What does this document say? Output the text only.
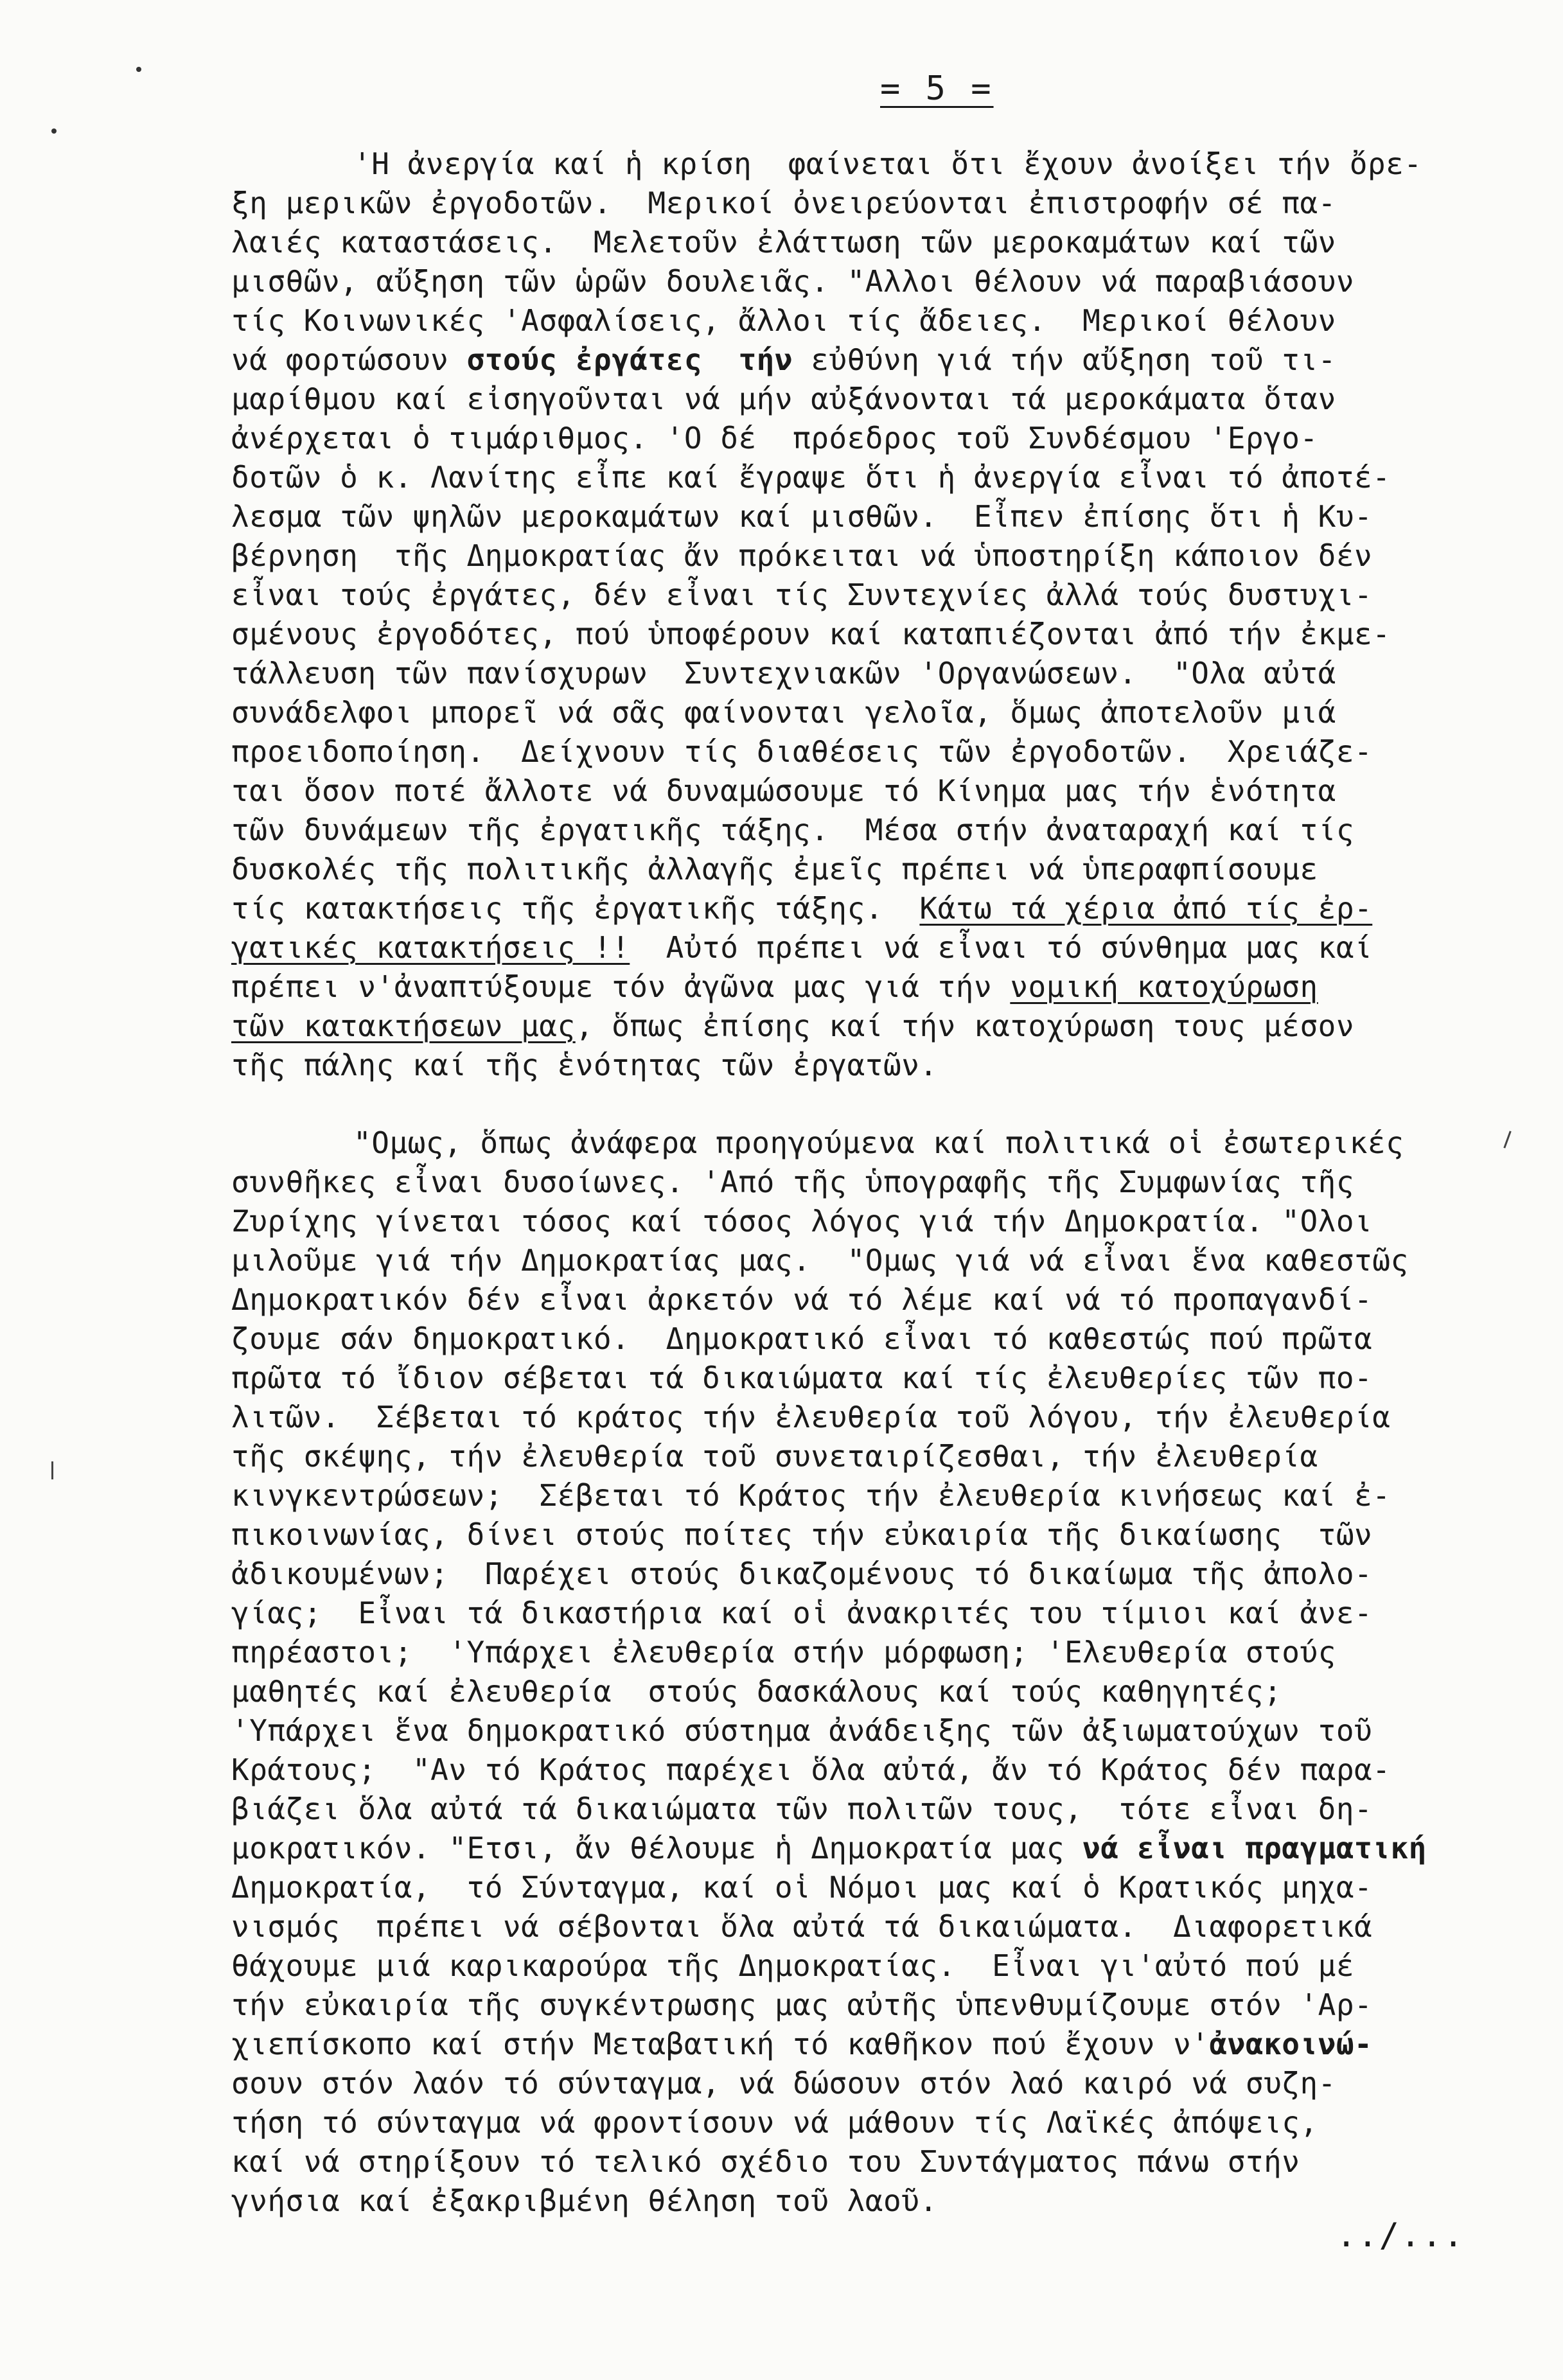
= 5 =
'Η ἀνεργία καί ἡ κρίση  φαίνεται ὅτι ἔχουν ἀνοίξει τήν ὄρε-
ξη μερικῶν ἐργοδοτῶν.  Μερικοί ὀνειρεύονται ἐπιστροφήν σέ πα-
λαιές καταστάσεις.  Μελετοῦν ἐλάττωση τῶν μεροκαμάτων καί τῶν
μισθῶν, αὔξηση τῶν ὡρῶν δουλειᾶς. "Αλλοι θέλουν νά παραβιάσουν
τίς Κοινωνικές 'Ασφαλίσεις, ἄλλοι τίς ἄδειες.  Μερικοί θέλουν
νά φορτώσουν στούς ἐργάτες τήν εὐθύνη γιά τήν αὔξηση τοῦ τι-
μαρίθμου καί εἰσηγοῦνται νά μήν αὐξάνονται τά μεροκάματα ὅταν
ἀνέρχεται ὁ τιμάριθμος. 'Ο δέ  πρόεδρος τοῦ Συνδέσμου 'Εργο-
δοτῶν ὁ κ. Λανίτης εἶπε καί ἔγραψε ὅτι ἡ ἀνεργία εἶναι τό ἀποτέ-
λεσμα τῶν ψηλῶν μεροκαμάτων καί μισθῶν.  Εἶπεν ἐπίσης ὅτι ἡ Κυ-
βέρνηση  τῆς Δημοκρατίας ἄν πρόκειται νά ὑποστηρίξη κάποιον δέν
εἶναι τούς ἐργάτες, δέν εἶναι τίς Συντεχνίες ἀλλά τούς δυστυχι-
σμένους ἐργοδότες, πού ὑποφέρουν καί καταπιέζονται ἀπό τήν ἐκμε-
τάλλευση τῶν πανίσχυρων  Συντεχνιακῶν 'Οργανώσεων.  "Ολα αὐτά
συνάδελφοι μπορεῖ νά σᾶς φαίνονται γελοῖα, ὅμως ἀποτελοῦν μιά
προειδοποίηση.  Δείχνουν τίς διαθέσεις τῶν ἐργοδοτῶν.  Χρειάζε-
ται ὅσον ποτέ ἄλλοτε νά δυναμώσουμε τό Κίνημα μας τήν ἑνότητα
τῶν δυνάμεων τῆς ἐργατικῆς τάξης.  Μέσα στήν ἀναταραχή καί τίς
δυσκολές τῆς πολιτικῆς ἀλλαγῆς ἐμεῖς πρέπει νά ὑπεραφπίσουμε
τίς κατακτήσεις τῆς ἐργατικῆς τάξης.  Κάτω τά χέρια ἀπό τίς ἐρ-
γατικές κατακτήσεις !!  Αὐτό πρέπει νά εἶναι τό σύνθημα μας καί
πρέπει ν'ἀναπτύξουμε τόν ἀγῶνα μας γιά τήν νομική κατοχύρωση
τῶν κατακτήσεων μας, ὅπως ἐπίσης καί τήν κατοχύρωση τους μέσον
τῆς πάλης καί τῆς ἑνότητας τῶν ἐργατῶν.
"Ομως, ὅπως ἀνάφερα προηγούμενα καί πολιτικά οἱ ἐσωτερικές
συνθῆκες εἶναι δυσοίωνες. 'Από τῆς ὑπογραφῆς τῆς Συμφωνίας τῆς
Ζυρίχης γίνεται τόσος καί τόσος λόγος γιά τήν Δημοκρατία. "Ολοι
μιλοῦμε γιά τήν Δημοκρατίας μας.  "Ομως γιά νά εἶναι ἕνα καθεστῶς
Δημοκρατικόν δέν εἶναι ἀρκετόν νά τό λέμε καί νά τό προπαγανδί-
ζουμε σάν δημοκρατικό.  Δημοκρατικό εἶναι τό καθεστώς πού πρῶτα
πρῶτα τό ἴδιον σέβεται τά δικαιώματα καί τίς ἐλευθερίες τῶν πο-
λιτῶν.  Σέβεται τό κράτος τήν ἐλευθερία τοῦ λόγου, τήν ἐλευθερία
τῆς σκέψης, τήν ἐλευθερία τοῦ συνεταιρίζεσθαι, τήν ἐλευθερία
κινγκεντρώσεων;  Σέβεται τό Κράτος τήν ἐλευθερία κινήσεως καί ἐ-
πικοινωνίας, δίνει στούς ποίτες τήν εὐκαιρία τῆς δικαίωσης  τῶν
ἀδικουμένων;  Παρέχει στούς δικαζομένους τό δικαίωμα τῆς ἀπολο-
γίας;  Εἶναι τά δικαστήρια καί οἱ ἀνακριτές του τίμιοι καί ἀνε-
πηρέαστοι;  'Υπάρχει ἐλευθερία στήν μόρφωση; 'Ελευθερία στούς
μαθητές καί ἐλευθερία  στούς δασκάλους καί τούς καθηγητές;
'Υπάρχει ἕνα δημοκρατικό σύστημα ἀνάδειξης τῶν ἀξιωματούχων τοῦ
Κράτους;  "Αν τό Κράτος παρέχει ὅλα αὐτά, ἄν τό Κράτος δέν παρα-
βιάζει ὅλα αὐτά τά δικαιώματα τῶν πολιτῶν τους,  τότε εἶναι δη-
μοκρατικόν. "Ετσι, ἄν θέλουμε ἡ Δημοκρατία μας νά εἶναι πραγματική
Δημοκρατία,  τό Σύνταγμα, καί οἱ Νόμοι μας καί ὁ Κρατικός μηχα-
νισμός  πρέπει νά σέβονται ὅλα αὐτά τά δικαιώματα.  Διαφορετικά
θάχουμε μιά καρικαρούρα τῆς Δημοκρατίας.  Εἶναι γι'αὐτό πού μέ
τήν εὐκαιρία τῆς συγκέντρωσης μας αὐτῆς ὑπενθυμίζουμε στόν 'Αρ-
χιεπίσκοπο καί στήν Μεταβατική τό καθῆκον πού ἔχουν ν'ἀνακοινώ-
σουν στόν λαόν τό σύνταγμα, νά δώσουν στόν λαό καιρό νά συζη-
τήση τό σύνταγμα νά φροντίσουν νά μάθουν τίς Λαϊκές ἀπόψεις,
καί νά στηρίξουν τό τελικό σχέδιο του Συντάγματος πάνω στήν
γνήσια καί ἐξακριβμένη θέληση τοῦ λαοῦ.
../...
